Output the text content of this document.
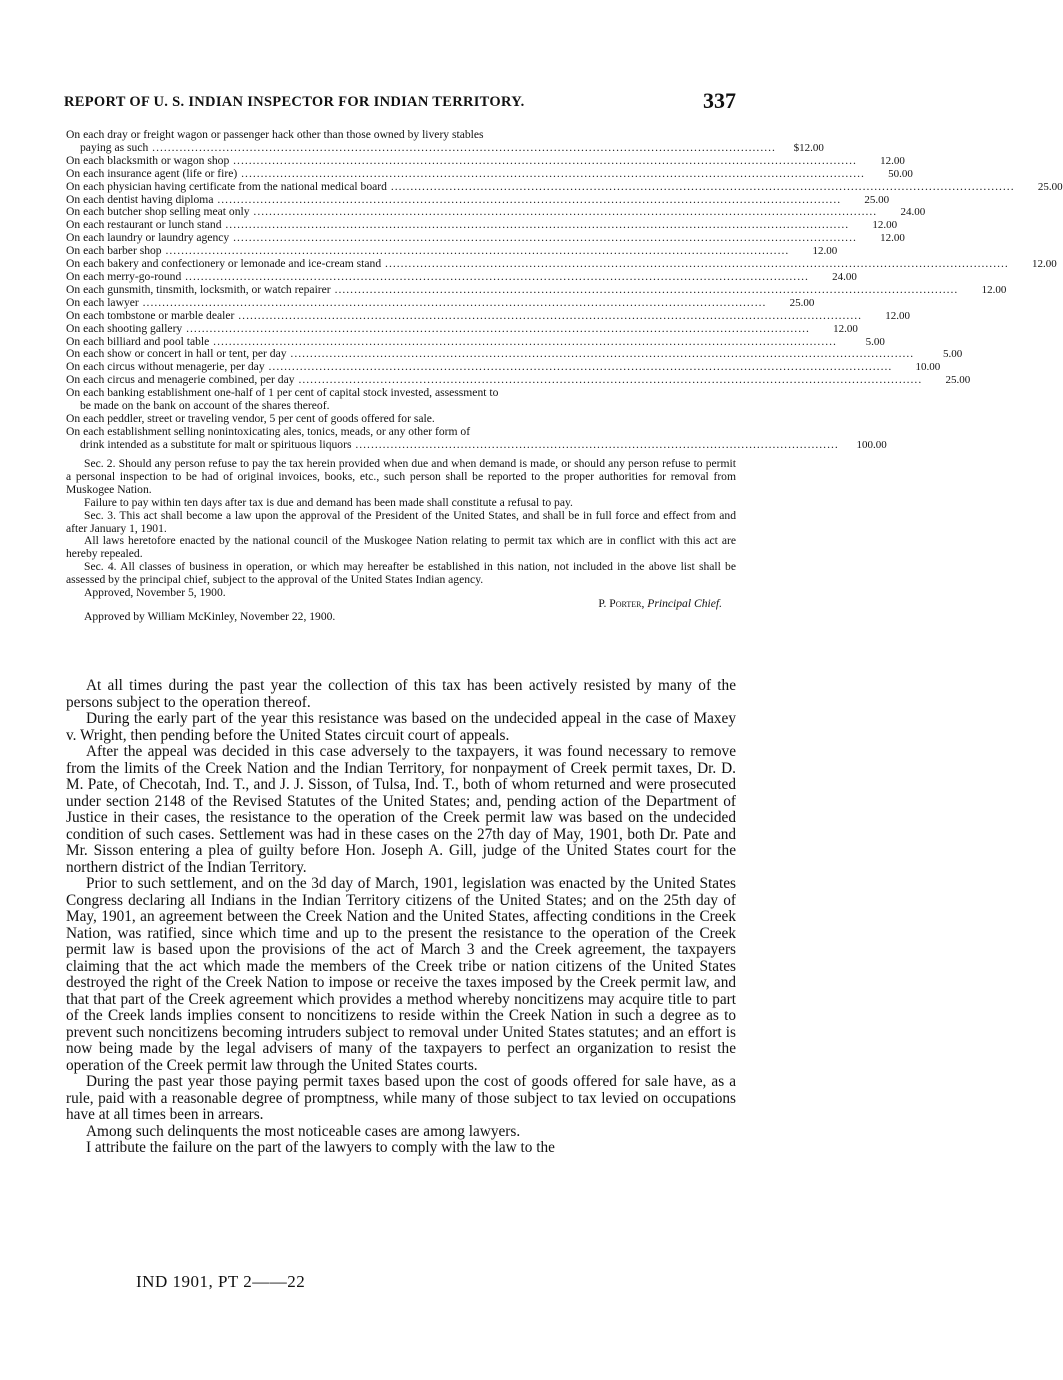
REPORT OF U. S. INDIAN INSPECTOR FOR INDIAN TERRITORY.	337
On each dray or freight wagon or passenger hack other than those owned by livery stables
paying as such ................................................................................................................................................................	$12.00
On each blacksmith or wagon shop ................................................................................................................................................................	12.00
On each insurance agent (life or fire) ................................................................................................................................................................	50.00
On each physician having certificate from the national medical board ................................................................................................................................................................	25.00
On each dentist having diploma ................................................................................................................................................................	25.00
On each butcher shop selling meat only ................................................................................................................................................................	24.00
On each restaurant or lunch stand ................................................................................................................................................................	12.00
On each laundry or laundry agency ................................................................................................................................................................	12.00
On each barber shop ................................................................................................................................................................	12.00
On each bakery and confectionery or lemonade and ice-cream stand ................................................................................................................................................................	12.00
On each merry-go-round ................................................................................................................................................................	24.00
On each gunsmith, tinsmith, locksmith, or watch repairer ................................................................................................................................................................	12.00
On each lawyer ................................................................................................................................................................	25.00
On each tombstone or marble dealer ................................................................................................................................................................	12.00
On each shooting gallery ................................................................................................................................................................	12.00
On each billiard and pool table ................................................................................................................................................................	5.00
On each show or concert in hall or tent, per day ................................................................................................................................................................	5.00
On each circus without menagerie, per day ................................................................................................................................................................	10.00
On each circus and menagerie combined, per day ................................................................................................................................................................	25.00
On each banking establishment one-half of 1 per cent of capital stock invested, assessment to
be made on the bank on account of the shares thereof.
On each peddler, street or traveling vendor, 5 per cent of goods offered for sale.
On each establishment selling nonintoxicating ales, tonics, meads, or any other form of
drink intended as a substitute for malt or spirituous liquors ............................................................................................................................	100.00

Sec. 2. Should any person refuse to pay the tax herein provided when due and when demand is made, or should any person refuse to permit a personal inspection to be had of original invoices, books, etc., such person shall be reported to the proper authorities for removal from Muskogee Nation.

Failure to pay within ten days after tax is due and demand has been made shall constitute a refusal to pay.

Sec. 3. This act shall become a law upon the approval of the President of the United States, and shall be in full force and effect from and after January 1, 1901.

All laws heretofore enacted by the national council of the Muskogee Nation relating to permit tax which are in conflict with this act are hereby repealed.

Sec. 4. All classes of business in operation, or which may hereafter be established in this nation, not included in the above list shall be assessed by the principal chief, subject to the approval of the United States Indian agency.

Approved, November 5, 1900.

P. Porter, Principal Chief.

Approved by William McKinley, November 22, 1900.

At all times during the past year the collection of this tax has been actively resisted by many of the persons subject to the operation thereof.

During the early part of the year this resistance was based on the undecided appeal in the case of Maxey v. Wright, then pending before the United States circuit court of appeals.

After the appeal was decided in this case adversely to the taxpayers, it was found necessary to remove from the limits of the Creek Nation and the Indian Territory, for nonpayment of Creek permit taxes, Dr. D. M. Pate, of Checotah, Ind. T., and J. J. Sisson, of Tulsa, Ind. T., both of whom returned and were prosecuted under section 2148 of the Revised Statutes of the United States; and, pending action of the Department of Justice in their cases, the resistance to the operation of the Creek permit law was based on the undecided condition of such cases. Settlement was had in these cases on the 27th day of May, 1901, both Dr. Pate and Mr. Sisson entering a plea of guilty before Hon. Joseph A. Gill, judge of the United States court for the northern district of the Indian Territory.

Prior to such settlement, and on the 3d day of March, 1901, legislation was enacted by the United States Congress declaring all Indians in the Indian Territory citizens of the United States; and on the 25th day of May, 1901, an agreement between the Creek Nation and the United States, affecting conditions in the Creek Nation, was ratified, since which time and up to the present the resistance to the operation of the Creek permit law is based upon the provisions of the act of March 3 and the Creek agreement, the taxpayers claiming that the act which made the members of the Creek tribe or nation citizens of the United States destroyed the right of the Creek Nation to impose or receive the taxes imposed by the Creek permit law, and that that part of the Creek agreement which provides a method whereby noncitizens may acquire title to part of the Creek lands implies consent to noncitizens to reside within the Creek Nation in such a degree as to prevent such noncitizens becoming intruders subject to removal under United States statutes; and an effort is now being made by the legal advisers of many of the taxpayers to perfect an organization to resist the operation of the Creek permit law through the United States courts.

During the past year those paying permit taxes based upon the cost of goods offered for sale have, as a rule, paid with a reasonable degree of promptness, while many of those subject to tax levied on occupations have at all times been in arrears.

Among such delinquents the most noticeable cases are among lawyers.

I attribute the failure on the part of the lawyers to comply with the law to the

IND 1901, PT 2——22
